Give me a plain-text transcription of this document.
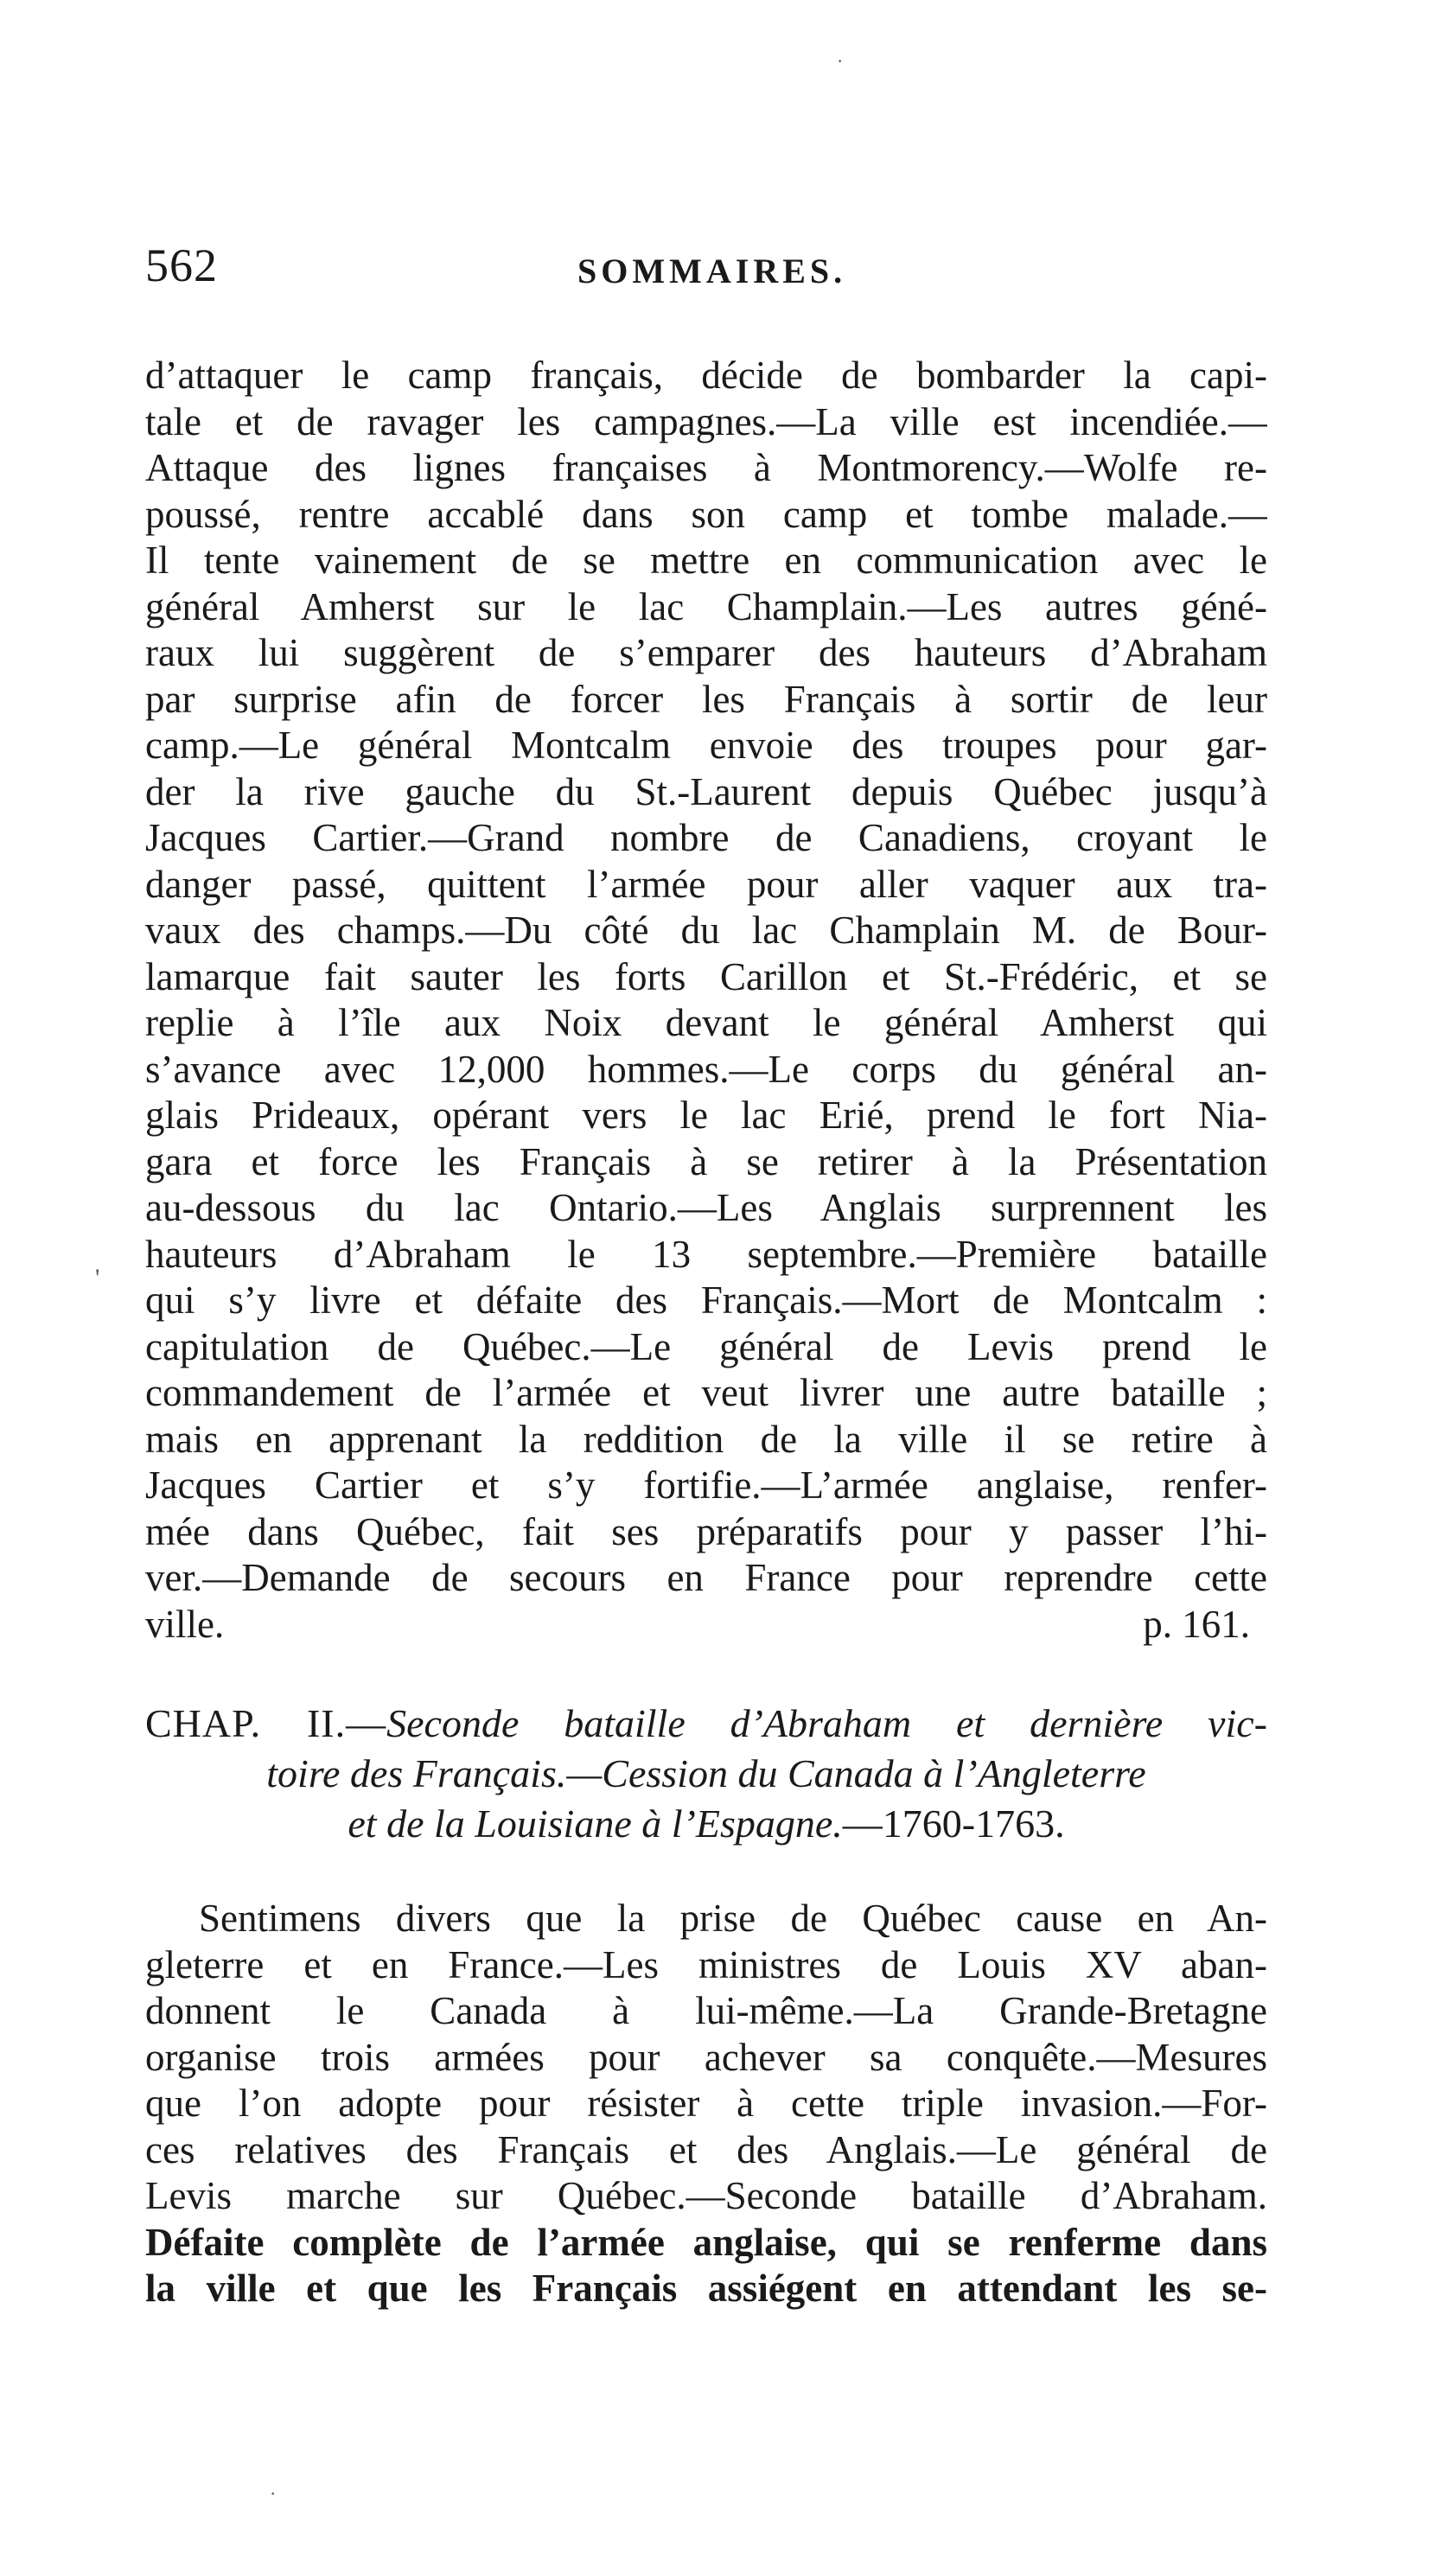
·
'
·
562	SOMMAIRES.
d’attaquer le camp français, décide de bombarder la capi-
tale et de ravager les campagnes.—La ville est incendiée.—
Attaque des lignes françaises à Montmorency.—Wolfe re-
poussé, rentre accablé dans son camp et tombe malade.—
Il tente vainement de se mettre en communication avec le
général Amherst sur le lac Champlain.—Les autres géné-
raux lui suggèrent de s’emparer des hauteurs d’Abraham
par surprise afin de forcer les Français à sortir de leur
camp.—Le général Montcalm envoie des troupes pour gar-
der la rive gauche du St.-Laurent depuis Québec jusqu’à
Jacques Cartier.—Grand nombre de Canadiens, croyant le
danger passé, quittent l’armée pour aller vaquer aux tra-
vaux des champs.—Du côté du lac Champlain M. de Bour-
lamarque fait sauter les forts Carillon et St.-Frédéric, et se
replie à l’île aux Noix devant le général Amherst qui
s’avance avec 12,000 hommes.—Le corps du général an-
glais Prideaux, opérant vers le lac Erié, prend le fort Nia-
gara et force les Français à se retirer à la Présentation
au-dessous du lac Ontario.—Les Anglais surprennent les
hauteurs d’Abraham le 13 septembre.—Première bataille
qui s’y livre et défaite des Français.—Mort de Montcalm :
capitulation de Québec.—Le général de Levis prend le
commandement de l’armée et veut livrer une autre bataille ;
mais en apprenant la reddition de la ville il se retire à
Jacques Cartier et s’y fortifie.—L’armée anglaise, renfer-
mée dans Québec, fait ses préparatifs pour y passer l’hi-
ver.—Demande de secours en France pour reprendre cette
ville.	p. 161.
CHAP. II.—Seconde bataille d’Abraham et dernière vic-
toire des Français.—Cession du Canada à l’Angleterre
et de la Louisiane à l’Espagne.—1760-1763.
Sentimens divers que la prise de Québec cause en An-
gleterre et en France.—Les ministres de Louis XV aban-
donnent le Canada à lui-même.—La Grande-Bretagne
organise trois armées pour achever sa conquête.—Mesures
que l’on adopte pour résister à cette triple invasion.—For-
ces relatives des Français et des Anglais.—Le général de
Levis marche sur Québec.—Seconde bataille d’Abraham.
Défaite complète de l’armée anglaise, qui se renferme dans
la ville et que les Français assiégent en attendant les se-
